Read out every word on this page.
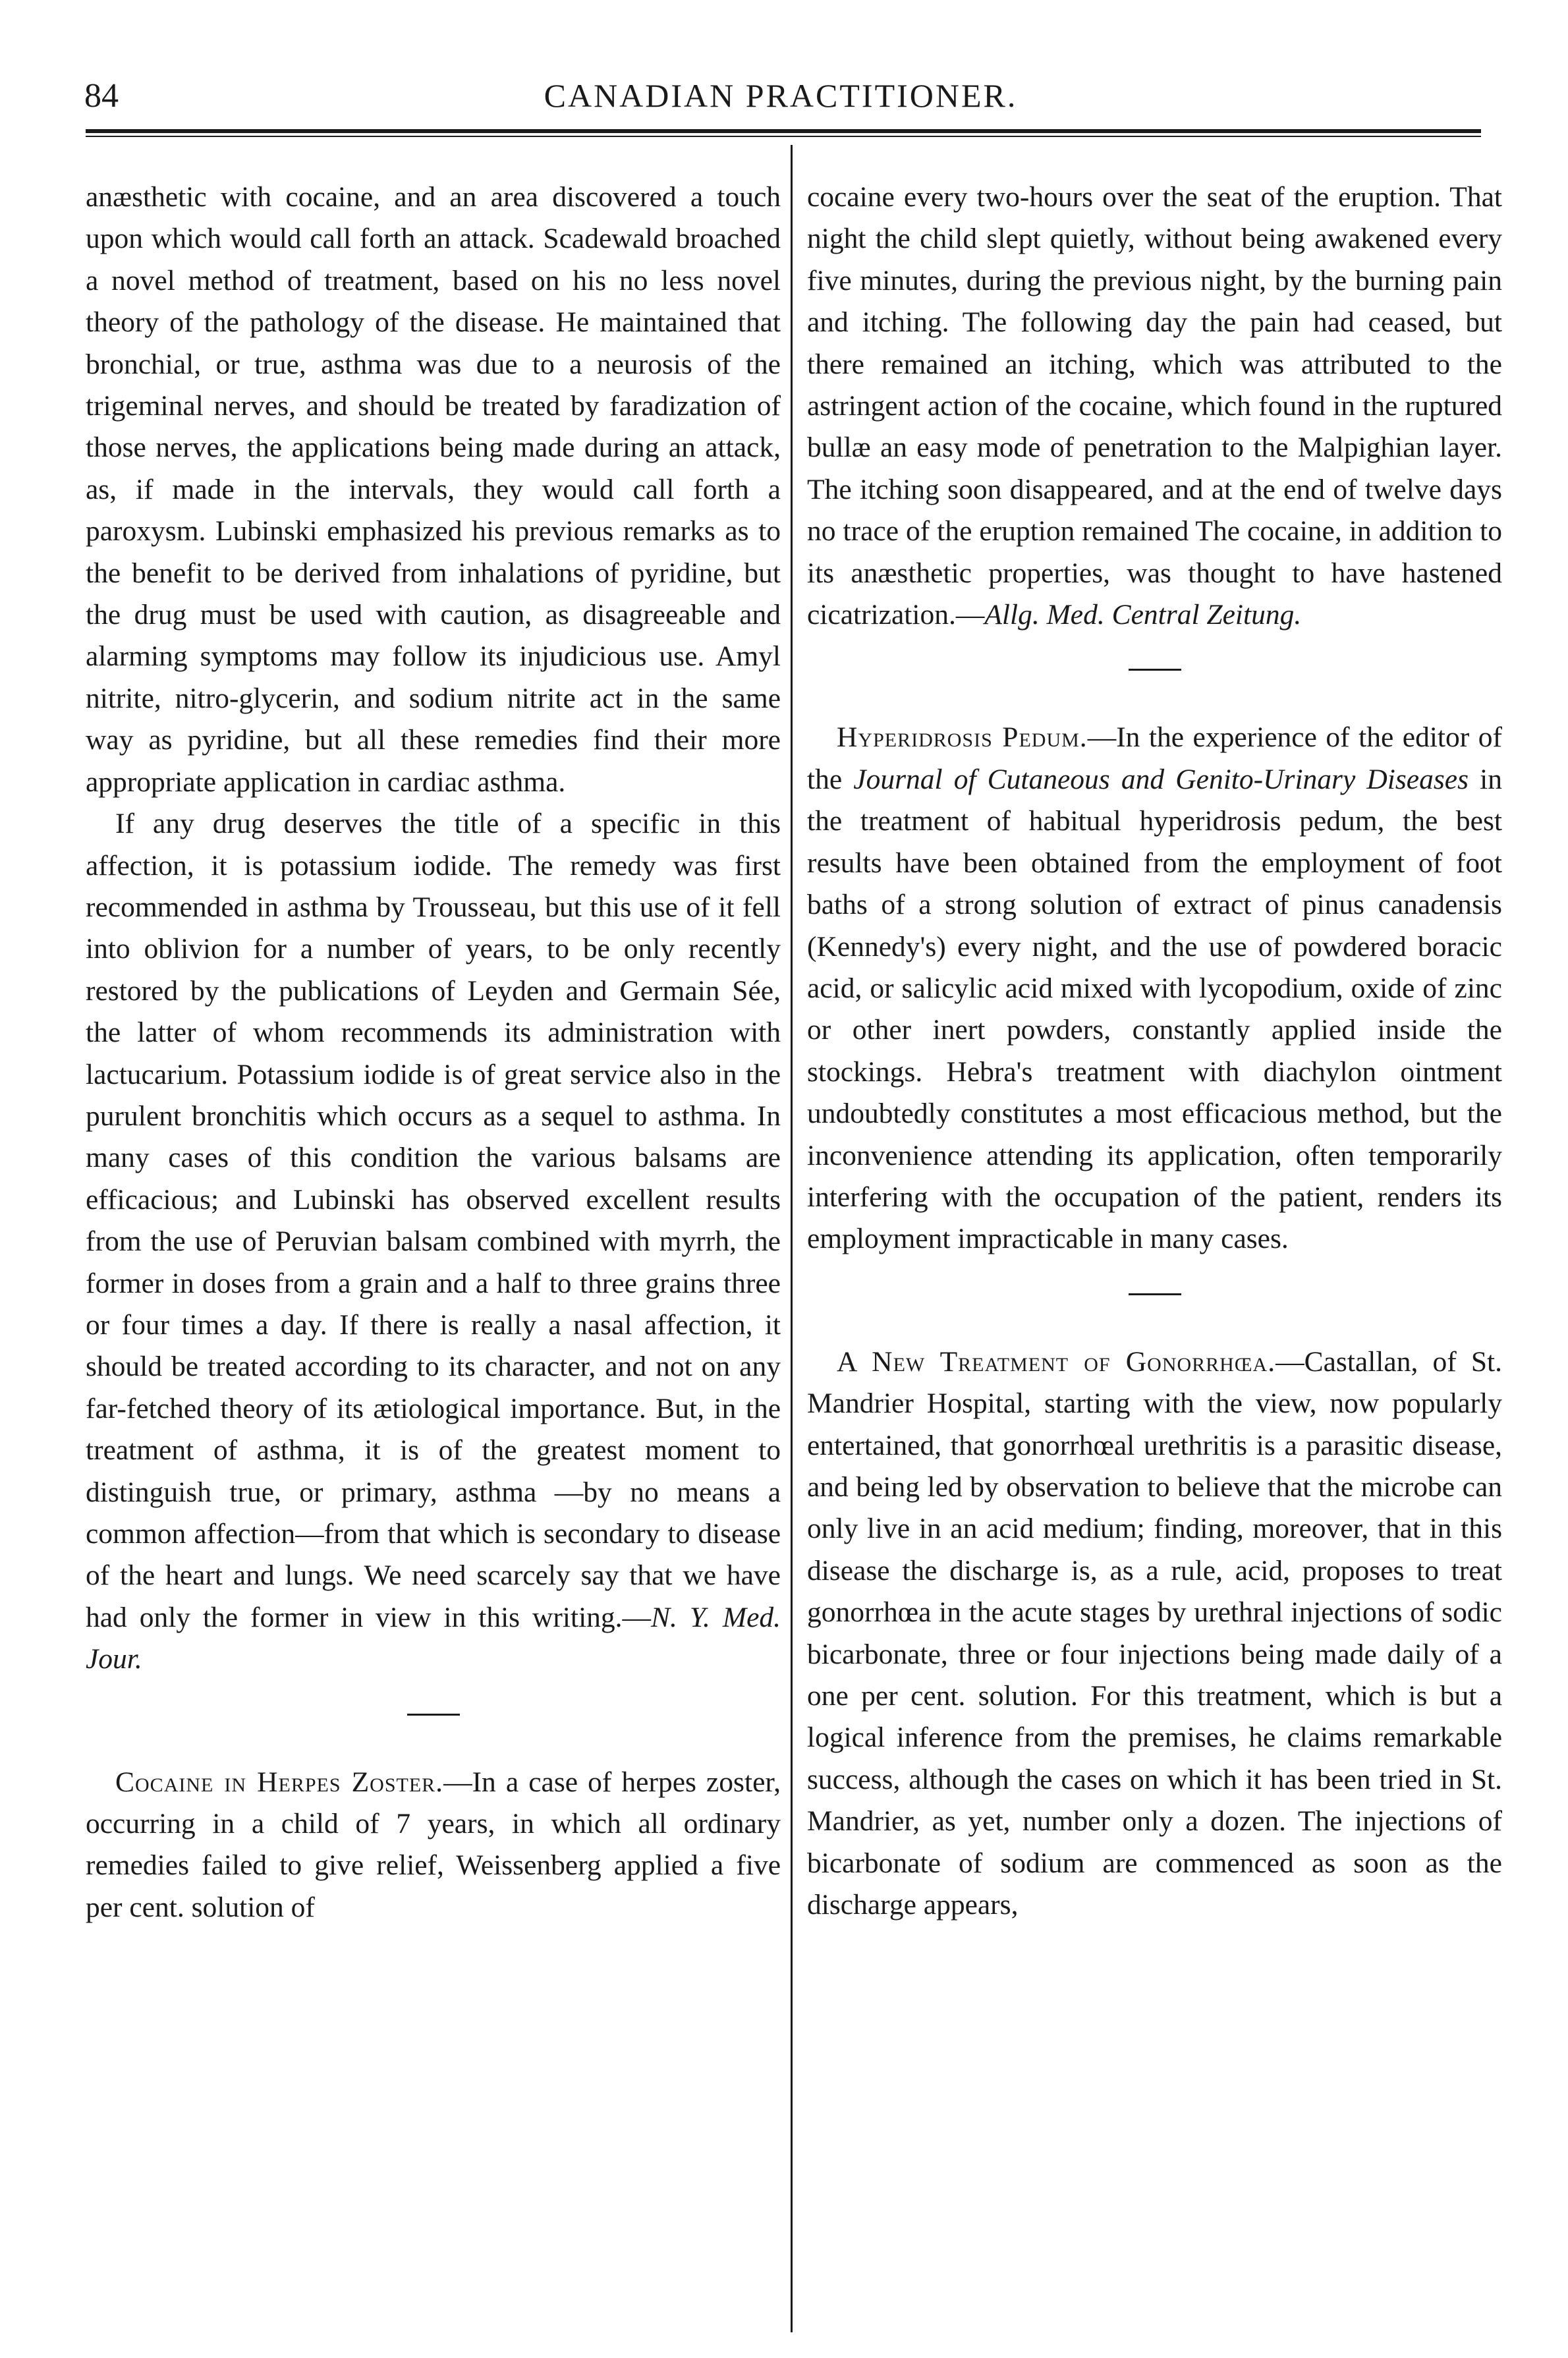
84	CANADIAN PRACTITIONER.

anæsthetic with cocaine, and an area discovered a touch upon which would call forth an attack. Scadewald broached a novel method of treatment, based on his no less novel theory of the pathology of the disease. He maintained that bronchial, or true, asthma was due to a neurosis of the trigeminal nerves, and should be treated by faradization of those nerves, the applications being made during an attack, as, if made in the intervals, they would call forth a paroxysm. Lubinski emphasized his previous remarks as to the benefit to be derived from inhalations of pyridine, but the drug must be used with caution, as disagreeable and alarming symptoms may follow its injudicious use. Amyl nitrite, nitro-glycerin, and sodium nitrite act in the same way as pyridine, but all these remedies find their more appropriate application in cardiac asthma.

If any drug deserves the title of a specific in this affection, it is potassium iodide. The remedy was first recommended in asthma by Trousseau, but this use of it fell into oblivion for a number of years, to be only recently restored by the publications of Leyden and Germain Sée, the latter of whom recommends its administration with lactucarium. Potassium iodide is of great service also in the purulent bronchitis which occurs as a sequel to asthma. In many cases of this condition the various balsams are efficacious; and Lubinski has observed excellent results from the use of Peruvian balsam combined with myrrh, the former in doses from a grain and a half to three grains three or four times a day. If there is really a nasal affection, it should be treated according to its character, and not on any far-fetched theory of its ætiological importance. But, in the treatment of asthma, it is of the greatest moment to distinguish true, or primary, asthma —by no means a common affection—from that which is secondary to disease of the heart and lungs. We need scarcely say that we have had only the former in view in this writing.—N. Y. Med. Jour.

Cocaine in Herpes Zoster.—In a case of herpes zoster, occurring in a child of 7 years, in which all ordinary remedies failed to give relief, Weissenberg applied a five per cent. solution of

cocaine every two-hours over the seat of the eruption. That night the child slept quietly, without being awakened every five minutes, during the previous night, by the burning pain and itching. The following day the pain had ceased, but there remained an itching, which was attributed to the astringent action of the cocaine, which found in the ruptured bullæ an easy mode of penetration to the Malpighian layer. The itching soon disappeared, and at the end of twelve days no trace of the eruption remained The cocaine, in addition to its anæsthetic properties, was thought to have hastened cicatrization.—Allg. Med. Central Zeitung.

Hyperidrosis Pedum.—In the experience of the editor of the Journal of Cutaneous and Genito-Urinary Diseases in the treatment of habitual hyperidrosis pedum, the best results have been obtained from the employment of foot baths of a strong solution of extract of pinus canadensis (Kennedy's) every night, and the use of powdered boracic acid, or salicylic acid mixed with lycopodium, oxide of zinc or other inert powders, constantly applied inside the stockings. Hebra's treatment with diachylon ointment undoubtedly constitutes a most efficacious method, but the inconvenience attending its application, often temporarily interfering with the occupation of the patient, renders its employment impracticable in many cases.

A New Treatment of Gonorrhœa.—Castallan, of St. Mandrier Hospital, starting with the view, now popularly entertained, that gonorrhœal urethritis is a parasitic disease, and being led by observation to believe that the microbe can only live in an acid medium; finding, moreover, that in this disease the discharge is, as a rule, acid, proposes to treat gonorrhœa in the acute stages by urethral injections of sodic bicarbonate, three or four injections being made daily of a one per cent. solution. For this treatment, which is but a logical inference from the premises, he claims remarkable success, although the cases on which it has been tried in St. Mandrier, as yet, number only a dozen. The injections of bicarbonate of sodium are commenced as soon as the discharge appears,
